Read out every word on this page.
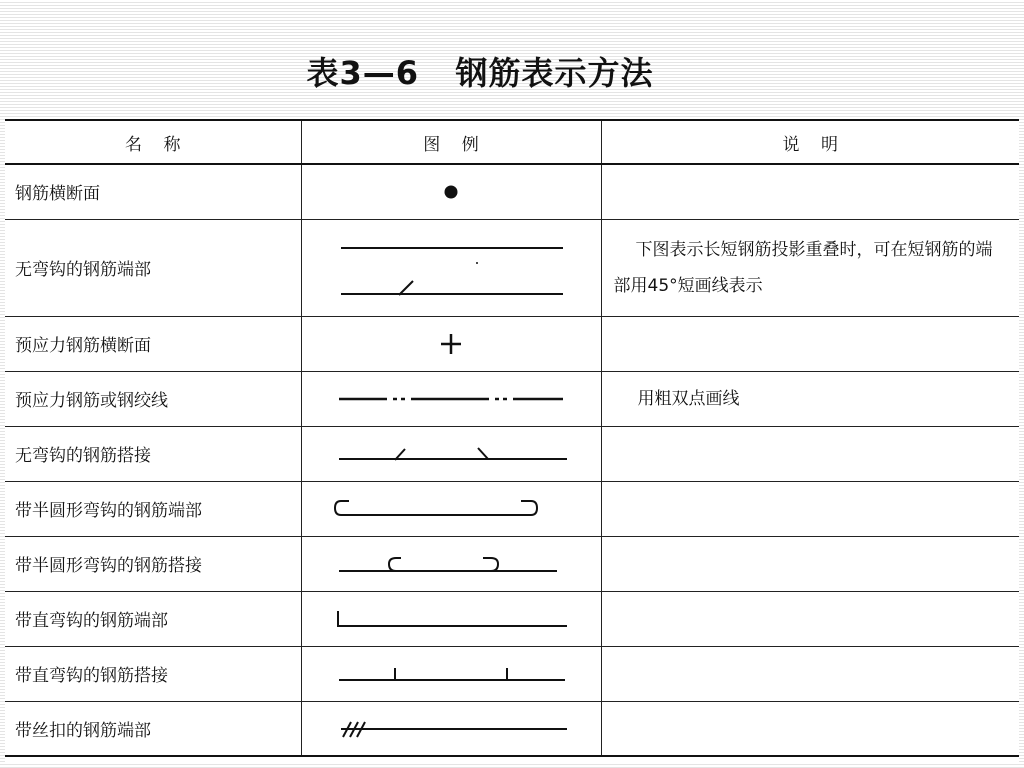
表3—6   钢筋表示方法
名    称	图    例	说    明
钢筋横断面	

无弯钩的钢筋端部		下图表示长短钢筋投影重叠时，可在短钢筋的端部用45°短画线表示
预应力钢筋横断面	

预应力钢筋或钢绞线		用粗双点画线
无弯钩的钢筋搭接	

带半圆形弯钩的钢筋端部	

带半圆形弯钩的钢筋搭接	

带直弯钩的钢筋端部	

带直弯钩的钢筋搭接	

带丝扣的钢筋端部	
